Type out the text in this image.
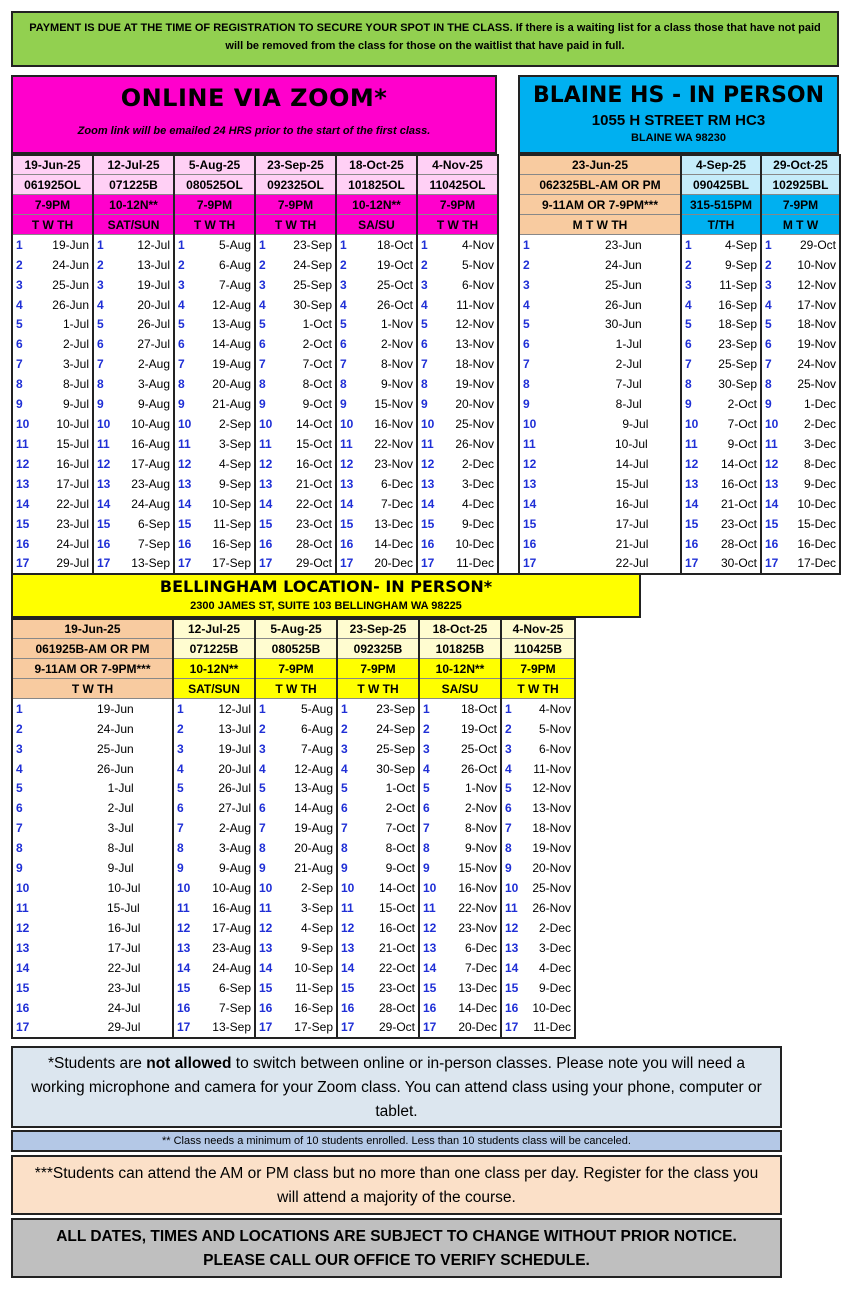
PAYMENT IS DUE AT THE TIME OF REGISTRATION TO SECURE YOUR SPOT IN THE CLASS. If there is a waiting list for a class those that have not paid will be removed from the class for those on the waitlist that have paid in full.
ONLINE VIA ZOOM*
Zoom link will be emailed 24 HRS prior to the start of the first class.
BLAINE HS - IN PERSON
1055 H STREET RM HC3
BLAINE WA 98230
19-Jun-25	12-Jul-25	5-Aug-25	23-Sep-25	18-Oct-25	4-Nov-25
061925OL	071225B	080525OL	092325OL	101825OL	110425OL
7-9PM	10-12N**	7-9PM	7-9PM	10-12N**	7-9PM
T W TH	SAT/SUN	T W TH	T W TH	SA/SU	T W TH

1 19-Jun	1 12-Jul	1 5-Aug	1 23-Sep	1 18-Oct	1 4-Nov

2 24-Jun	2 13-Jul	2 6-Aug	2 24-Sep	2 19-Oct	2 5-Nov

3 25-Jun	3 19-Jul	3 7-Aug	3 25-Sep	3 25-Oct	3 6-Nov

4 26-Jun	4 20-Jul	4 12-Aug	4 30-Sep	4 26-Oct	4 11-Nov

5 1-Jul	5 26-Jul	5 13-Aug	5 1-Oct	5 1-Nov	5 12-Nov

6 2-Jul	6 27-Jul	6 14-Aug	6 2-Oct	6 2-Nov	6 13-Nov

7 3-Jul	7 2-Aug	7 19-Aug	7 7-Oct	7 8-Nov	7 18-Nov

8 8-Jul	8 3-Aug	8 20-Aug	8 8-Oct	8 9-Nov	8 19-Nov

9 9-Jul	9 9-Aug	9 21-Aug	9 9-Oct	9 15-Nov	9 20-Nov

10 10-Jul	10 10-Aug	10 2-Sep	10 14-Oct	10 16-Nov	10 25-Nov

11 15-Jul	11 16-Aug	11 3-Sep	11 15-Oct	11 22-Nov	11 26-Nov

12 16-Jul	12 17-Aug	12 4-Sep	12 16-Oct	12 23-Nov	12 2-Dec

13 17-Jul	13 23-Aug	13 9-Sep	13 21-Oct	13 6-Dec	13 3-Dec

14 22-Jul	14 24-Aug	14 10-Sep	14 22-Oct	14 7-Dec	14 4-Dec

15 23-Jul	15 6-Sep	15 11-Sep	15 23-Oct	15 13-Dec	15 9-Dec

16 24-Jul	16 7-Sep	16 16-Sep	16 28-Oct	16 14-Dec	16 10-Dec

17 29-Jul	17 13-Sep	17 17-Sep	17 29-Oct	17 20-Dec	17 11-Dec
23-Jun-25	4-Sep-25	29-Oct-25
062325BL-AM OR PM	090425BL	102925BL
9-11AM OR 7-9PM***	315-515PM	7-9PM
M T W TH	T/TH	M T W

1 23-Jun	1 4-Sep	1 29-Oct

2 24-Jun	2 9-Sep	2 10-Nov

3 25-Jun	3 11-Sep	3 12-Nov

4 26-Jun	4 16-Sep	4 17-Nov

5 30-Jun	5 18-Sep	5 18-Nov

6 1-Jul	6 23-Sep	6 19-Nov

7 2-Jul	7 25-Sep	7 24-Nov

8 7-Jul	8 30-Sep	8 25-Nov

9 8-Jul	9 2-Oct	9 1-Dec

10 9-Jul	10 7-Oct	10 2-Dec

11 10-Jul	11 9-Oct	11 3-Dec

12 14-Jul	12 14-Oct	12 8-Dec

13 15-Jul	13 16-Oct	13 9-Dec

14 16-Jul	14 21-Oct	14 10-Dec

15 17-Jul	15 23-Oct	15 15-Dec

16 21-Jul	16 28-Oct	16 16-Dec

17 22-Jul	17 30-Oct	17 17-Dec
BELLINGHAM LOCATION- IN PERSON*
2300 JAMES ST, SUITE 103 BELLINGHAM WA 98225
19-Jun-25	12-Jul-25	5-Aug-25	23-Sep-25	18-Oct-25	4-Nov-25
061925B-AM OR PM	071225B	080525B	092325B	101825B	110425B
9-11AM OR 7-9PM***	10-12N**	7-9PM	7-9PM	10-12N**	7-9PM
T W TH	SAT/SUN	T W TH	T W TH	SA/SU	T W TH

1 19-Jun	1 12-Jul	1 5-Aug	1 23-Sep	1 18-Oct	1 4-Nov

2 24-Jun	2 13-Jul	2 6-Aug	2 24-Sep	2 19-Oct	2 5-Nov

3 25-Jun	3 19-Jul	3 7-Aug	3 25-Sep	3 25-Oct	3 6-Nov

4 26-Jun	4 20-Jul	4 12-Aug	4 30-Sep	4 26-Oct	4 11-Nov

5 1-Jul	5 26-Jul	5 13-Aug	5 1-Oct	5 1-Nov	5 12-Nov

6 2-Jul	6 27-Jul	6 14-Aug	6 2-Oct	6 2-Nov	6 13-Nov

7 3-Jul	7 2-Aug	7 19-Aug	7 7-Oct	7 8-Nov	7 18-Nov

8 8-Jul	8 3-Aug	8 20-Aug	8 8-Oct	8 9-Nov	8 19-Nov

9 9-Jul	9 9-Aug	9 21-Aug	9 9-Oct	9 15-Nov	9 20-Nov

10 10-Jul	10 10-Aug	10 2-Sep	10 14-Oct	10 16-Nov	10 25-Nov

11 15-Jul	11 16-Aug	11 3-Sep	11 15-Oct	11 22-Nov	11 26-Nov

12 16-Jul	12 17-Aug	12 4-Sep	12 16-Oct	12 23-Nov	12 2-Dec

13 17-Jul	13 23-Aug	13 9-Sep	13 21-Oct	13 6-Dec	13 3-Dec

14 22-Jul	14 24-Aug	14 10-Sep	14 22-Oct	14 7-Dec	14 4-Dec

15 23-Jul	15 6-Sep	15 11-Sep	15 23-Oct	15 13-Dec	15 9-Dec

16 24-Jul	16 7-Sep	16 16-Sep	16 28-Oct	16 14-Dec	16 10-Dec

17 29-Jul	17 13-Sep	17 17-Sep	17 29-Oct	17 20-Dec	17 11-Dec
*Students are not allowed to switch between online or in-person classes. Please note you will need a working microphone and camera for your Zoom class. You can attend class using your phone, computer or tablet.
** Class needs a minimum of 10 students enrolled. Less than 10 students class will be canceled.
***Students can attend the AM or PM class but no more than one class per day. Register for the class you will attend a majority of the course.
ALL DATES, TIMES AND LOCATIONS ARE SUBJECT TO CHANGE WITHOUT PRIOR NOTICE.
PLEASE CALL OUR OFFICE TO VERIFY SCHEDULE.
